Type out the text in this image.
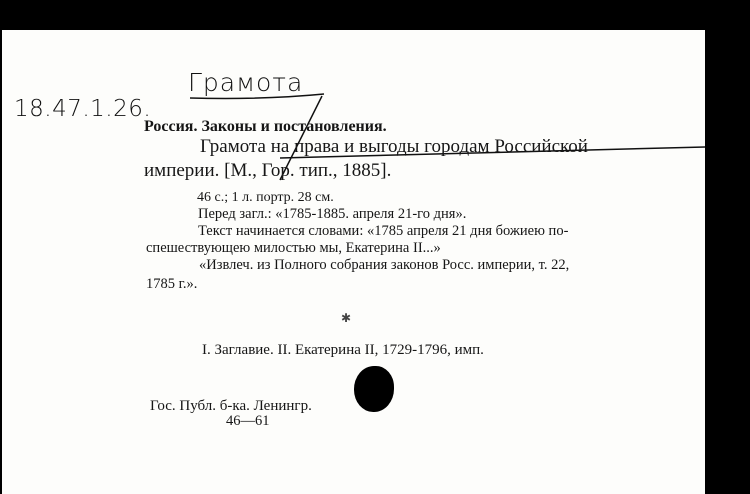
18.47.1.26.
Грамота
Россия. Законы и постановления.
Грамота на права и выгоды городам Российской
империи. [М., Гор. тип., 1885].
46 с.; 1 л. портр. 28 см.
Перед загл.: «1785-1885. апреля 21-го дня».
Текст начинается словами: «1785 апреля 21 дня божиею по-
спешествующею милостью мы, Екатерина II...»
«Извлеч. из Полного собрания законов Росс. империи, т. 22,
1785 г.».
✱
I. Заглавие. II. Екатерина II, 1729-1796, имп.
Гос. Публ. б-ка. Ленингр.
46—61
